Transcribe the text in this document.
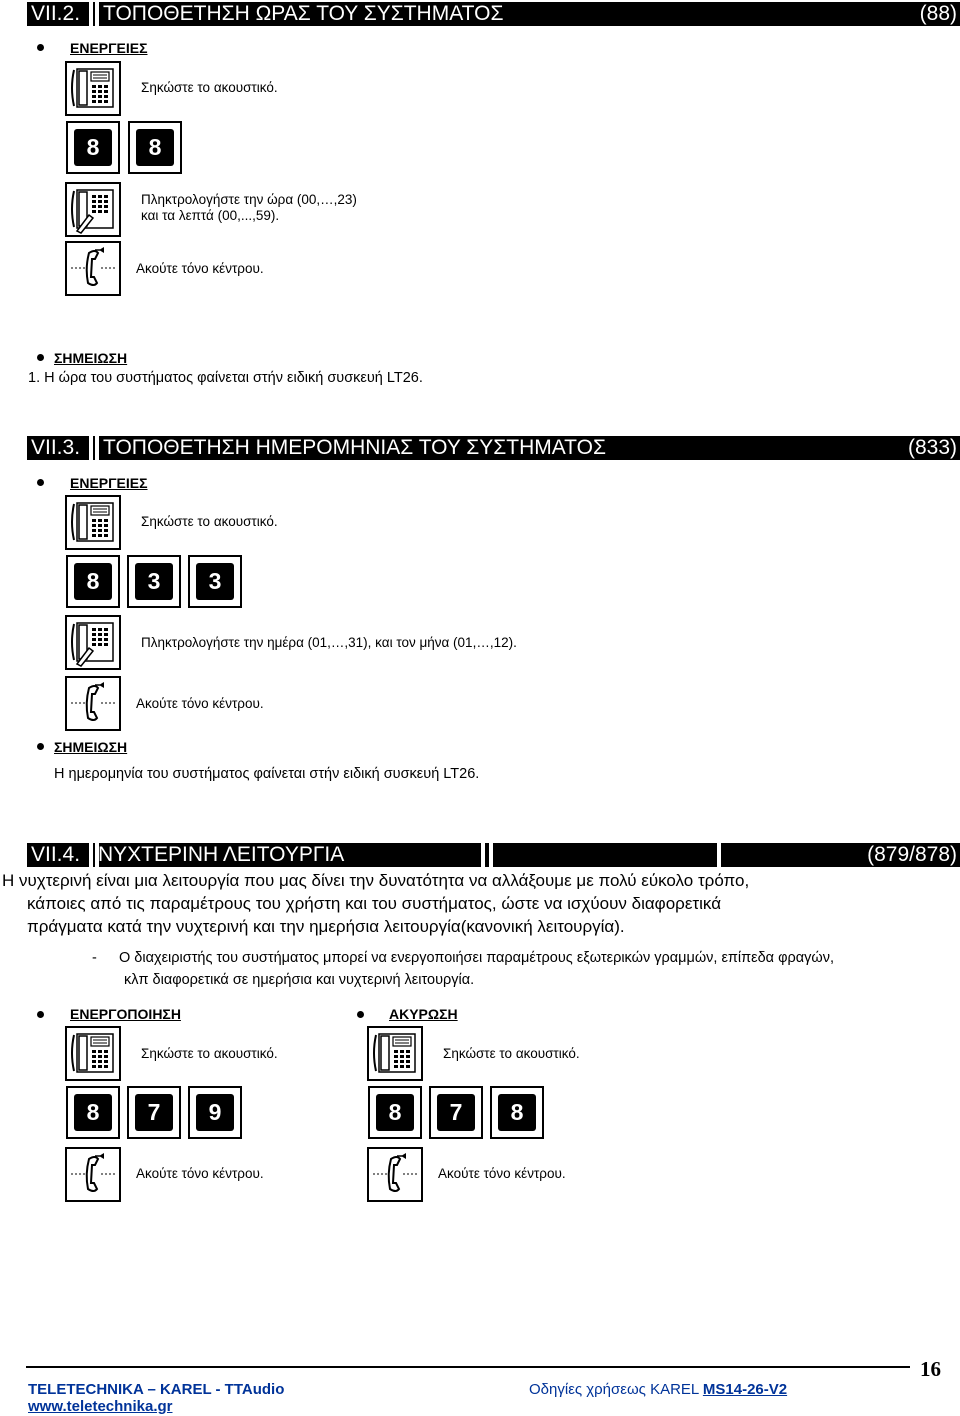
VII.2. ΤΟΠΟΘΕΤΗΣΗ ΩΡΑΣ ΤΟΥ ΣΥΣΤΗΜΑΤΟΣ	(88)
ΕΝΕΡΓΕΙΕΣ
Σηκώστε το ακουστικό.
8	8
Πληκτρολογήστε την ώρα (00,…,23)
και τα λεπτά (00,...,59).
Ακούτε τόνο κέντρου.
ΣΗΜΕΙΩΣΗ
1. Η ώρα του συστήματος φαίνεται στήν ειδική συσκευή LT26.
VII.3. ΤΟΠΟΘΕΤΗΣΗ ΗΜΕΡΟΜΗΝΙΑΣ ΤΟΥ ΣΥΣΤΗΜΑΤΟΣ	(833)
ΕΝΕΡΓΕΙΕΣ
Σηκώστε το ακουστικό.
8	3	3
Πληκτρολογήστε την ημέρα (01,…,31), και τον μήνα (01,…,12).
Ακούτε τόνο κέντρου.
ΣΗΜΕΙΩΣΗ
Η ημερομηνία του συστήματος φαίνεται στήν ειδική συσκευή LT26.
VII.4. ΝΥΧΤΕΡΙΝΗ ΛΕΙΤΟΥΡΓΙΑ	(879/878)
Η νυχτερινή είναι μια λειτουργία που μας δίνει την δυνατότητα να αλλάξουμε με πολύ εύκολο τρόπο,
κάποιες από τις παραμέτρους του χρήστη και του συστήματος, ώστε να ισχύουν διαφορετικά
πράγματα κατά την νυχτερινή και την ημερήσια λειτουργία(κανονική λειτουργία).
- Ο διαχειριστής του συστήματος μπορεί να ενεργοποιήσει παραμέτρους εξωτερικών γραμμών, επίπεδα φραγών,
κλπ διαφορετικά σε ημερήσια και νυχτερινή λειτουργία.
ΕΝΕΡΓΟΠΟΙΗΣΗ	ΑΚΥΡΩΣΗ
Σηκώστε το ακουστικό.
8	7	9
Ακούτε τόνο κέντρου.
Σηκώστε το ακουστικό.
8	7	8
Ακούτε τόνο κέντρου.
16
TELETECHNIKA – KAREL - TTAudio	Οδηγίες χρήσεως KAREL MS14-26-V2
www.teletechnika.gr
